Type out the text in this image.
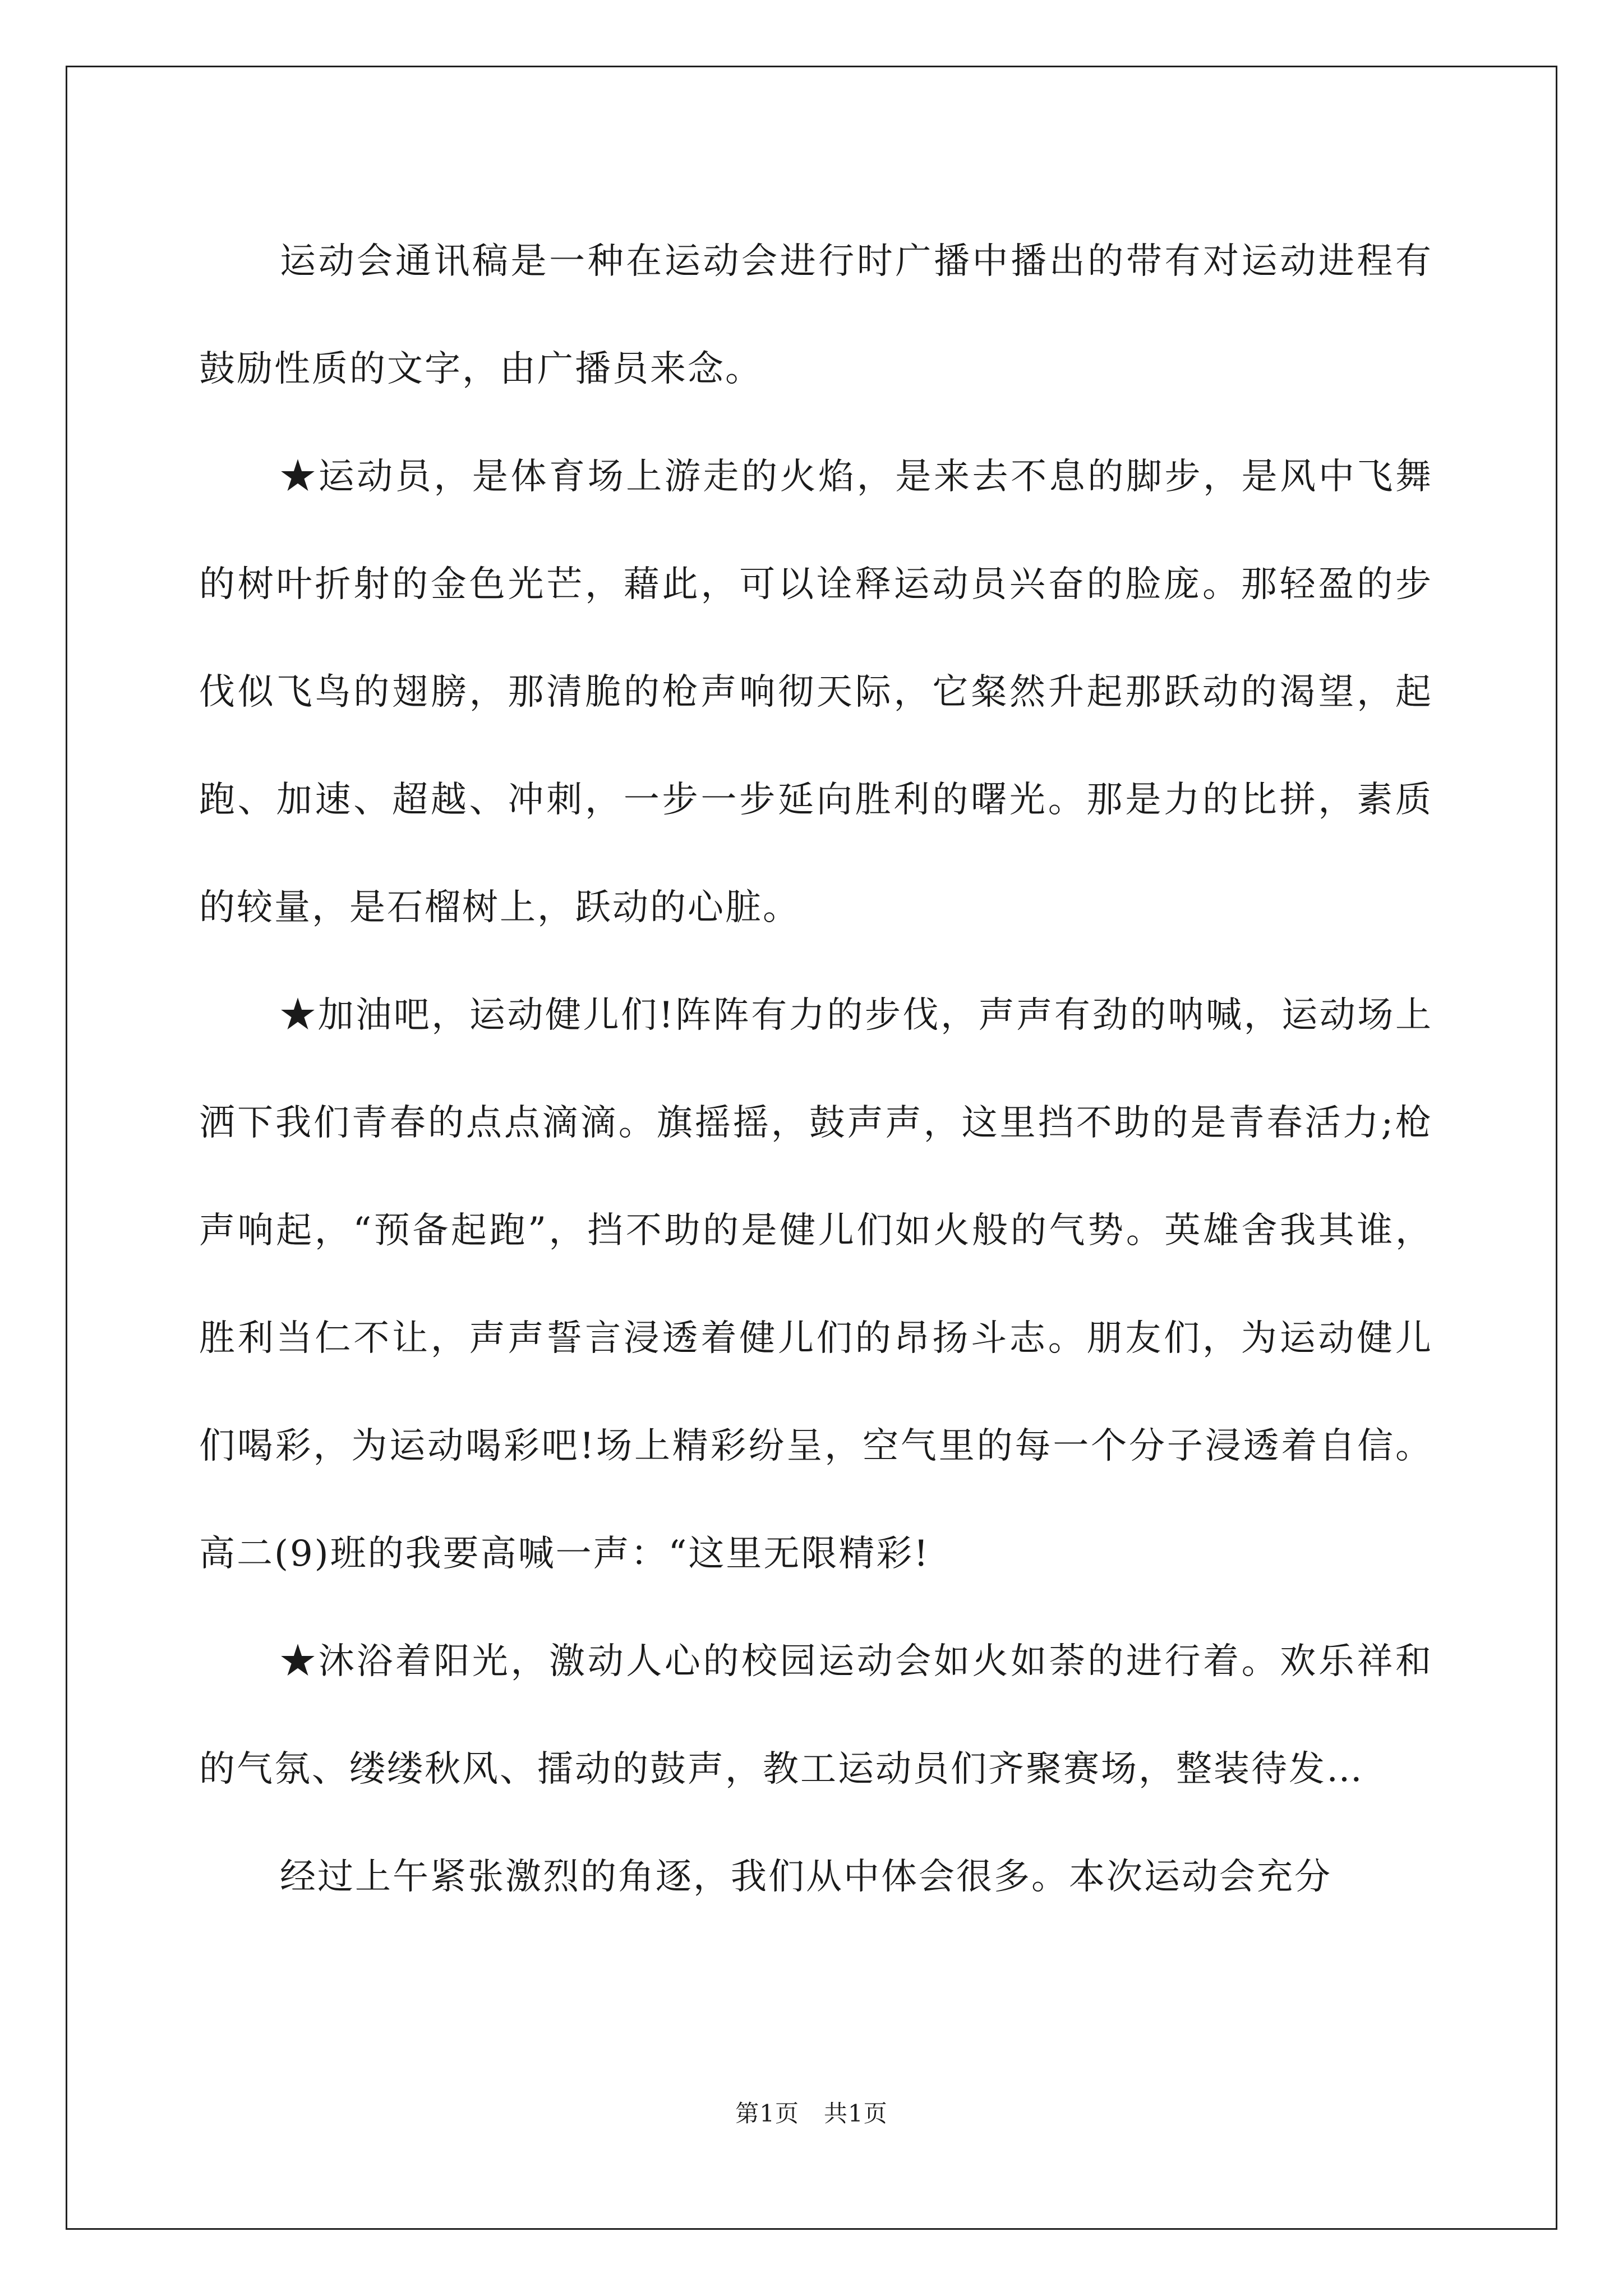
运动会通讯稿是一种在运动会进行时广播中播出的带有对运动进程有鼓励性质的文字，由广播员来念。

★运动员，是体育场上游走的火焰，是来去不息的脚步，是风中飞舞的树叶折射的金色光芒，藉此，可以诠释运动员兴奋的脸庞。那轻盈的步伐似飞鸟的翅膀，那清脆的枪声响彻天际，它粲然升起那跃动的渴望，起跑、加速、超越、冲刺，一步一步延向胜利的曙光。那是力的比拼，素质的较量，是石榴树上，跃动的心脏。

★加油吧，运动健儿们!阵阵有力的步伐，声声有劲的呐喊，运动场上洒下我们青春的点点滴滴。旗摇摇，鼓声声，这里挡不助的是青春活力;枪声响起，“预备起跑”，挡不助的是健儿们如火般的气势。英雄舍我其谁，胜利当仁不让，声声誓言浸透着健儿们的昂扬斗志。朋友们，为运动健儿们喝彩，为运动喝彩吧!场上精彩纷呈，空气里的每一个分子浸透着自信。高二(9)班的我要高喊一声：“这里无限精彩!

★沐浴着阳光，激动人心的校园运动会如火如荼的进行着。欢乐祥和的气氛、缕缕秋风、擂动的鼓声，教工运动员们齐聚赛场，整装待发…

经过上午紧张激烈的角逐，我们从中体会很多。本次运动会充分

第1页 共1页
